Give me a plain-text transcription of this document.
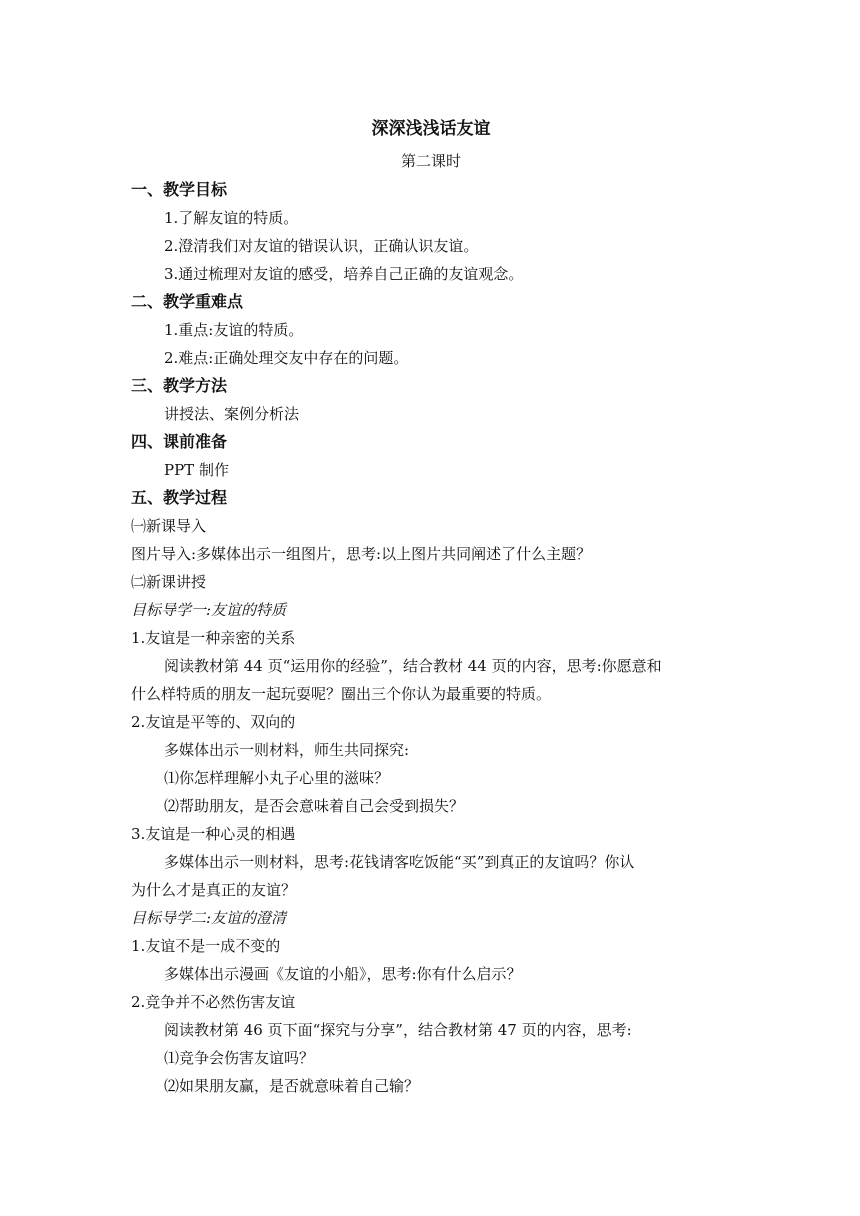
深深浅浅话友谊
第二课时
一、教学目标
1.了解友谊的特质。
2.澄清我们对友谊的错误认识，正确认识友谊。
3.通过梳理对友谊的感受，培养自己正确的友谊观念。
二、教学重难点
1.重点:友谊的特质。
2.难点:正确处理交友中存在的问题。
三、教学方法
讲授法、案例分析法
四、课前准备
PPT 制作
五、教学过程
㈠新课导入
图片导入:多媒体出示一组图片，思考:以上图片共同阐述了什么主题？
㈡新课讲授
目标导学一:友谊的特质
1.友谊是一种亲密的关系
阅读教材第 44 页“运用你的经验”，结合教材 44 页的内容，思考:你愿意和
什么样特质的朋友一起玩耍呢？圈出三个你认为最重要的特质。
2.友谊是平等的、双向的
多媒体出示一则材料，师生共同探究:
⑴你怎样理解小丸子心里的滋味？
⑵帮助朋友，是否会意味着自己会受到损失？
3.友谊是一种心灵的相遇
多媒体出示一则材料，思考:花钱请客吃饭能“买”到真正的友谊吗？你认
为什么才是真正的友谊？
目标导学二:友谊的澄清
1.友谊不是一成不变的
多媒体出示漫画《友谊的小船》，思考:你有什么启示？
2.竞争并不必然伤害友谊
阅读教材第 46 页下面“探究与分享”，结合教材第 47 页的内容，思考:
⑴竞争会伤害友谊吗？
⑵如果朋友赢，是否就意味着自己输？
